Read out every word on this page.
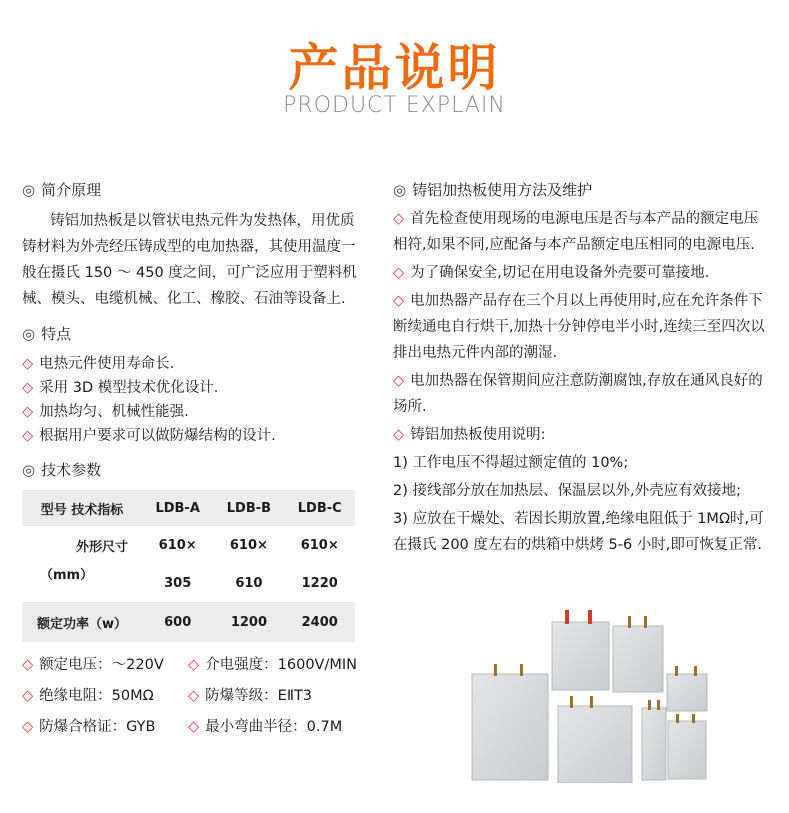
产品说明
PRODUCT EXPLAIN
◎ 简介原理
铸铝加热板是以管状电热元件为发热体，用优质铸材料为外壳经压铸成型的电加热器，其使用温度一般在摄氏 150 ～ 450 度之间，可广泛应用于塑料机械、模头、电缆机械、化工、橡胶、石油等设备上.
◎ 特点
◇ 电热元件使用寿命长.
◇ 采用 3D 模型技术优化设计.
◇ 加热均匀、机械性能强.
◇ 根据用户要求可以做防爆结构的设计.
◎ 技术参数
型号 技术指标	LDB-A	LDB-B	LDB-C
外形尺寸	610×	610×	610×
（mm）	305	610	1220
额定功率（w）	600	1200	2400
◇ 额定电压：～220V ◇ 介电强度：1600V/MIN
◇ 绝缘电阻：50MΩ ◇ 防爆等级：EⅡT3
◇ 防爆合格证：GYB ◇ 最小弯曲半径：0.7M
◎ 铸铝加热板使用方法及维护

◇ 首先检查使用现场的电源电压是否与本产品的额定电压 相符,如果不同,应配备与本产品额定电压相同的电源电压.

◇ 为了确保安全,切记在用电设备外壳要可靠接地.

◇ 电加热器产品存在三个月以上再使用时,应在允许条件下断续通电自行烘干,加热十分钟停电半小时,连续三至四次以排出电热元件内部的潮湿.

◇ 电加热器在保管期间应注意防潮腐蚀,存放在通风良好的场所.

◇ 铸铝加热板使用说明:

1) 工作电压不得超过额定值的 10%;

2) 接线部分放在加热层、保温层以外,外壳应有效接地;

3) 应放在干燥处、若因长期放置,绝缘电阻低于 1MΩ时,可在摄氏 200 度左右的烘箱中烘烤 5-6 小时,即可恢复正常.
